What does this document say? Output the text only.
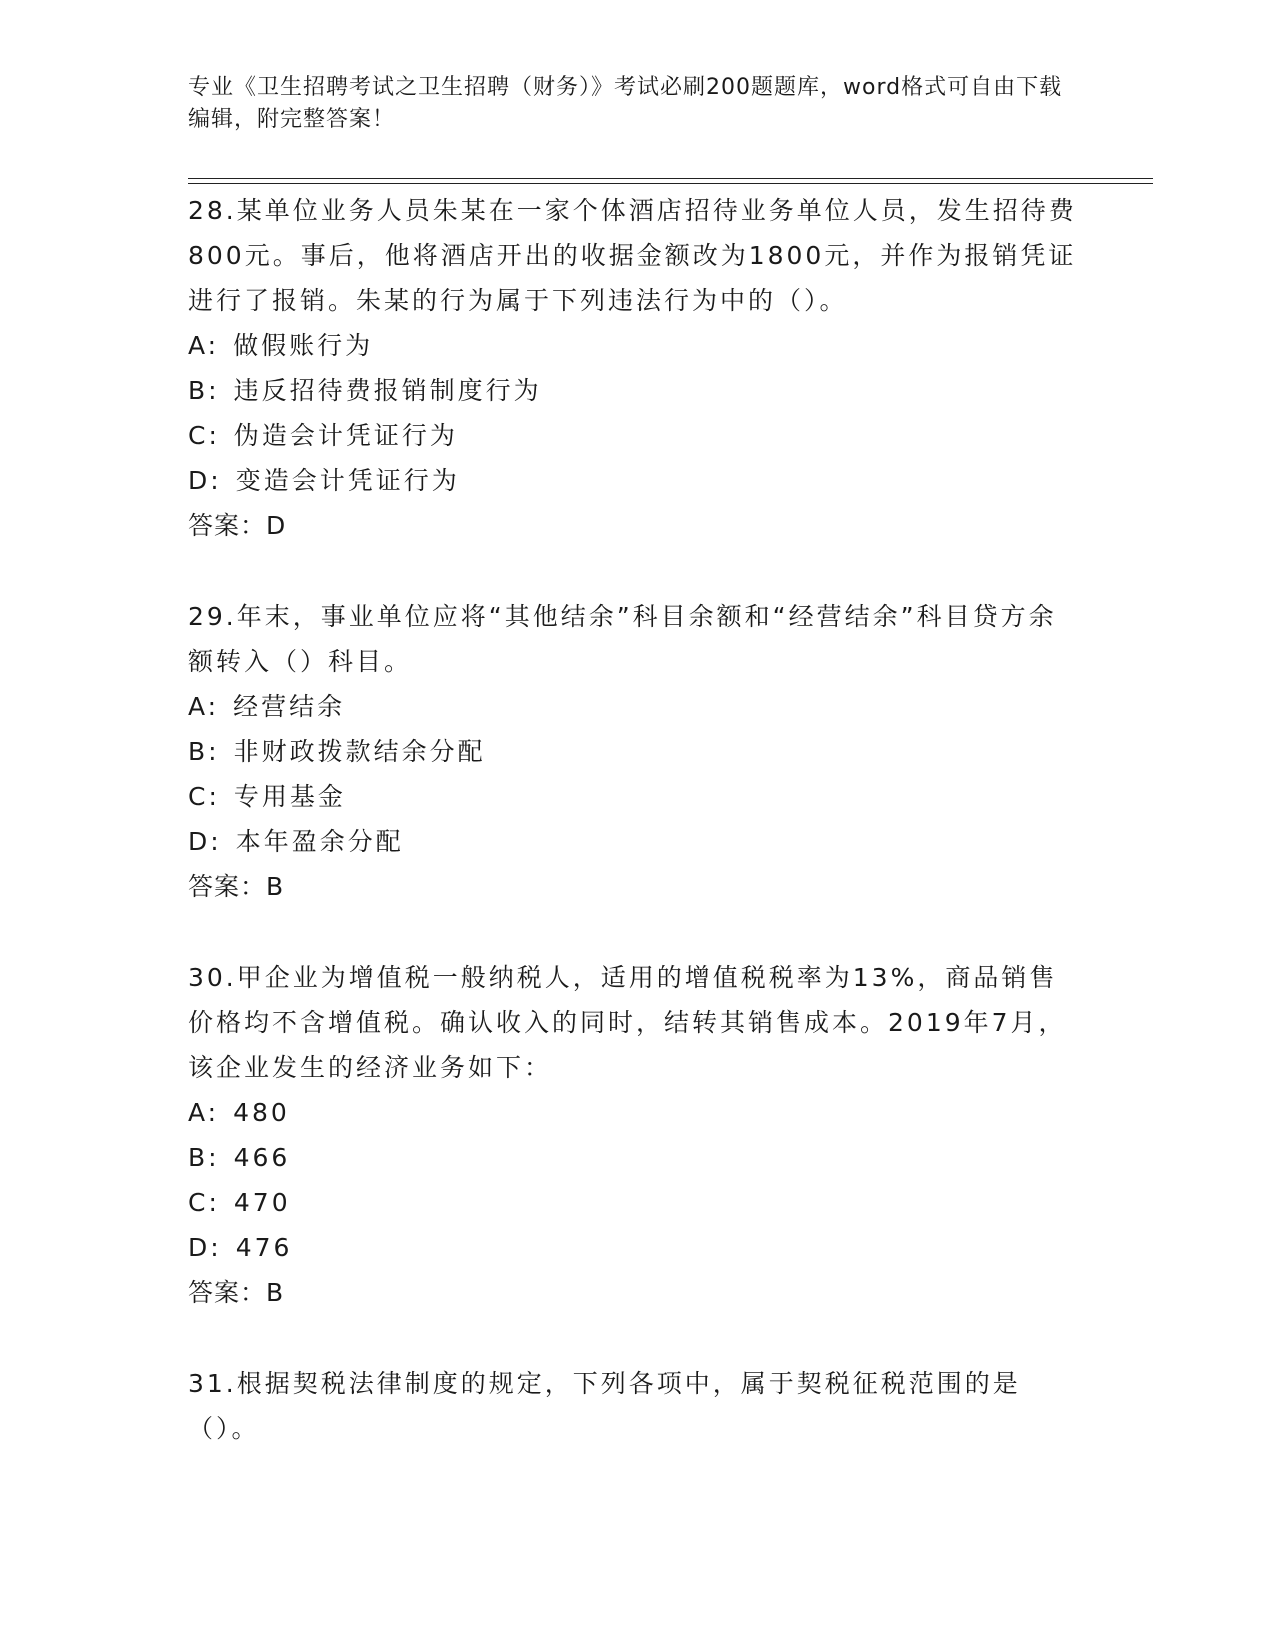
专业《卫生招聘考试之卫生招聘（财务）》考试必刷200题题库，word格式可自由下载编辑，附完整答案！

28.某单位业务人员朱某在一家个体酒店招待业务单位人员，发生招待费800元。事后，他将酒店开出的收据金额改为1800元，并作为报销凭证进行了报销。朱某的行为属于下列违法行为中的（）。

A: 做假账行为

B: 违反招待费报销制度行为

C: 伪造会计凭证行为

D: 变造会计凭证行为

答案：D

29.年末，事业单位应将“其他结余”科目余额和“经营结余”科目贷方余额转入（）科目。

A: 经营结余

B: 非财政拨款结余分配

C: 专用基金

D: 本年盈余分配

答案：B

30.甲企业为增值税一般纳税人，适用的增值税税率为13%，商品销售价格均不含增值税。确认收入的同时，结转其销售成本。2019年7月，该企业发生的经济业务如下：

A: 480

B: 466

C: 470

D: 476

答案：B

31.根据契税法律制度的规定，下列各项中，属于契税征税范围的是（）。
